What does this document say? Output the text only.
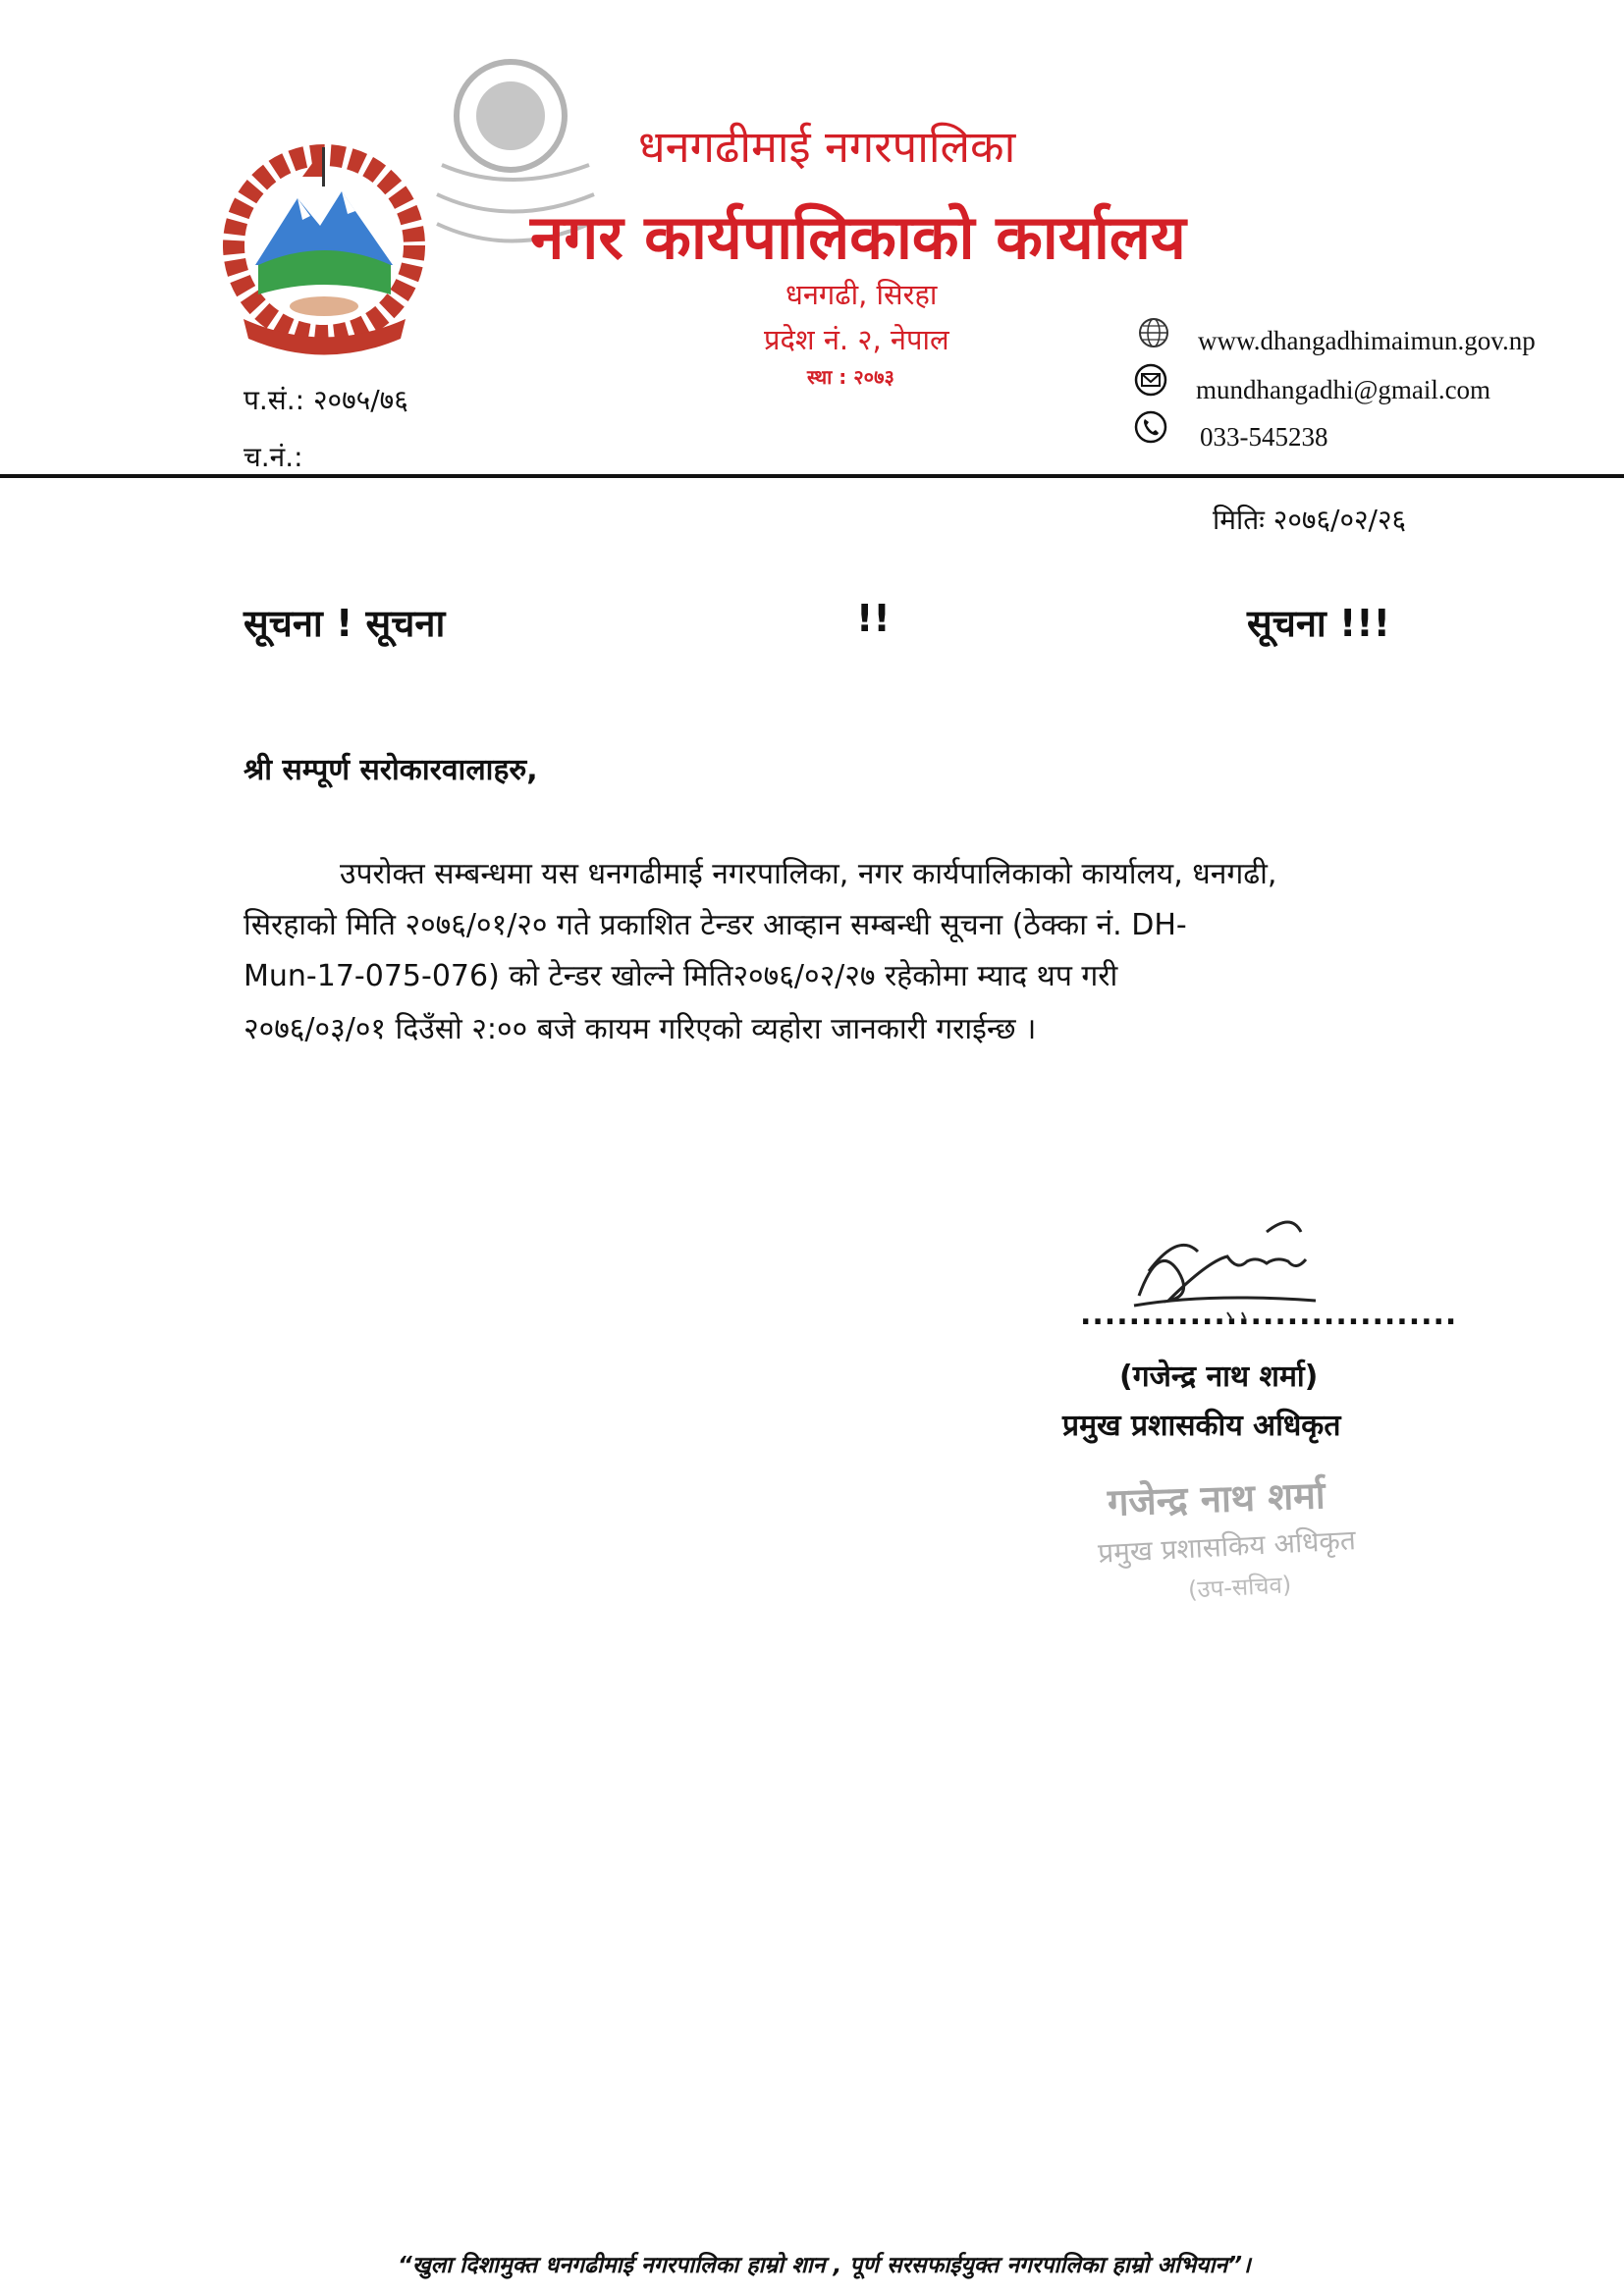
धनगढीमाई नगरपालिका
नगर कार्यपालिकाको कार्यालय
धनगढी, सिरहा
प्रदेश नं. २, नेपाल
स्था : २०७३
www.dhangadhimaimun.gov.np
mundhangadhi@gmail.com
033-545238
प.सं.: २०७५/७६
च.नं.:
मितिः २०७६/०२/२६
सूचना ! सूचना	!!	सूचना !!!
श्री सम्पूर्ण सरोकारवालाहरु,
उपरोक्त सम्बन्धमा यस धनगढीमाई नगरपालिका, नगर कार्यपालिकाको कार्यालय, धनगढी,
सिरहाको मिति २०७६/०१/२० गते प्रकाशित टेन्डर आव्हान सम्बन्धी सूचना (ठेक्का नं. DH-
Mun-17-075-076) को टेन्डर खोल्ने मिति२०७६/०२/२७ रहेकोमा म्याद थप गरी
२०७६/०३/०१ दिउँसो २:०० बजे कायम गरिएको व्यहोरा जानकारी गराईन्छ ।
...............................
(गजेन्द्र नाथ शर्मा)
प्रमुख प्रशासकीय अधिकृत
गजेन्द्र नाथ शर्मा
प्रमुख प्रशासकिय अधिकृत
(उप-सचिव)
“खुला दिशामुक्त धनगढीमाई नगरपालिका हाम्रो शान , पूर्ण सरसफाईयुक्त नगरपालिका हाम्रो अभियान”।
